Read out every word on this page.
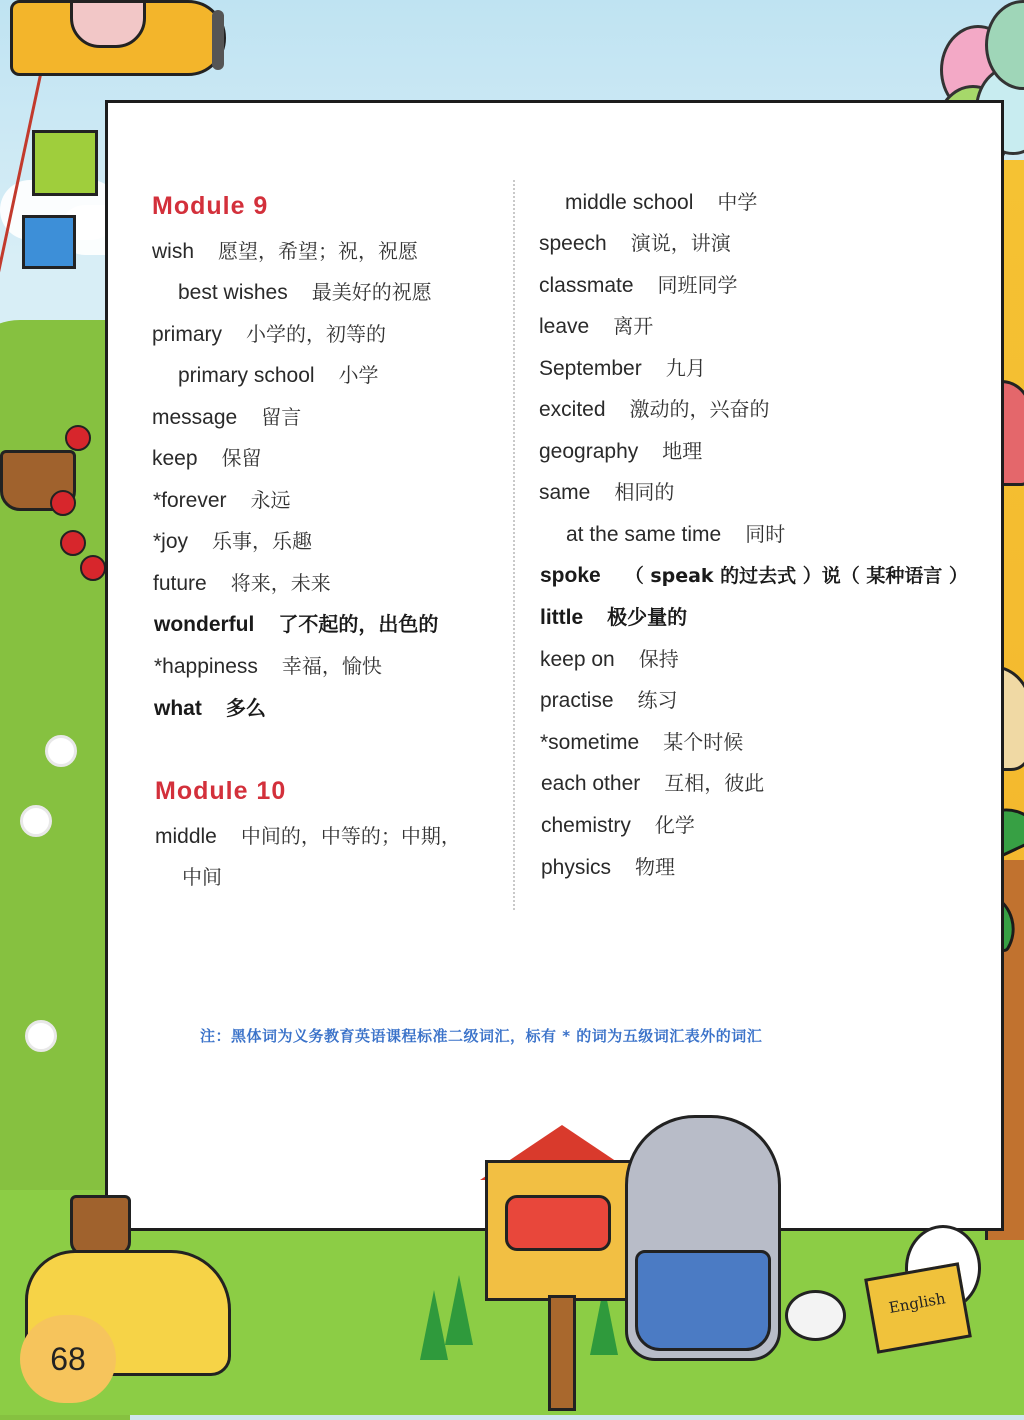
Module 9
wish 愿望，希望；祝，祝愿
best wishes 最美好的祝愿
primary 小学的，初等的
primary school 小学
message 留言
keep 保留
*forever 永远
*joy 乐事，乐趣
future 将来，未来
wonderful 了不起的，出色的
*happiness 幸福，愉快
what 多么
Module 10
middle 中间的，中等的；中期，
中间
middle school 中学
speech 演说，讲演
classmate 同班同学
leave 离开
September 九月
excited 激动的，兴奋的
geography 地理
same 相同的
at the same time 同时
spoke （ speak 的过去式 ）说（ 某种语言 ）
little 极少量的
keep on 保持
practise 练习
*sometime 某个时候
each other 互相，彼此
chemistry 化学
physics 物理
注：黑体词为义务教育英语课程标准二级词汇，标有 * 的词为五级词汇表外的词汇
English
68
